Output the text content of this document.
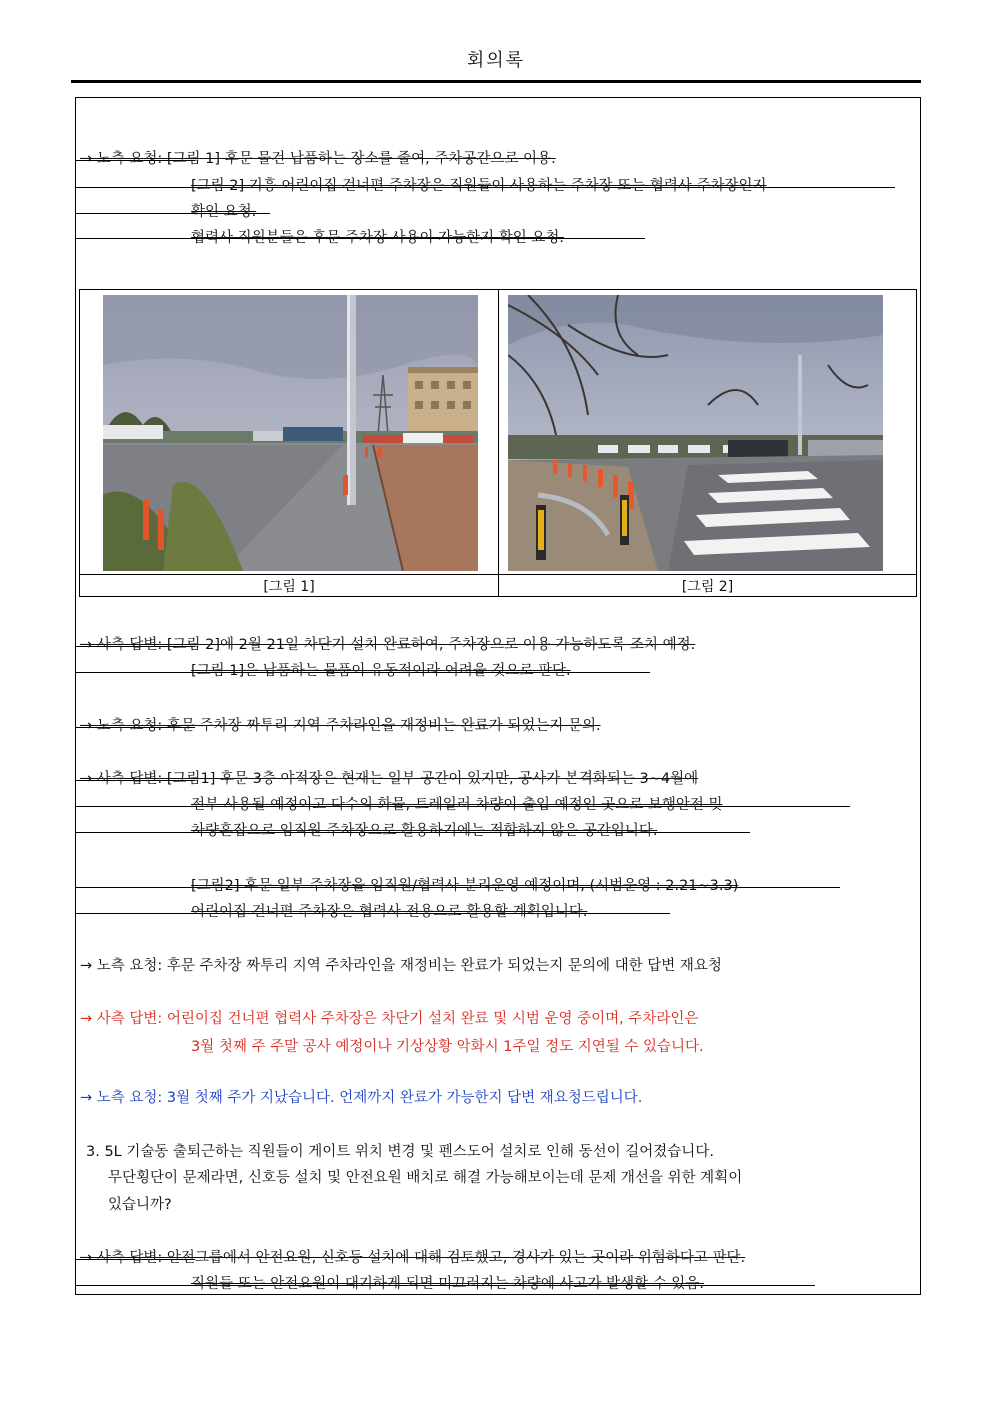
회의록
→ 노측 요청: [그림 1] 후문 물건 납품하는 장소를 줄여, 주차공간으로 이용.
[그림 2] 기흥 어린이집 건너편 주차장은 직원들이 사용하는 주차장 또는 협력사 주차장인지
확인 요청.
협력사 직원분들은 후문 주차장 사용이 가능한지 확인 요청.
[그림 1]	[그림 2]
→ 사측 답변: [그림 2]에 2월 21일 차단기 설치 완료하여, 주차장으로 이용 가능하도록 조치 예정.
[그림 1]은 납품하는 물품이 유동적이라 어려울 것으로 판단.
→ 노측 요청: 후문 주차장 짜투리 지역 주차라인을 재정비는 완료가 되었는지 문의.
→ 사측 답변: [그림1] 후문 3층 야적장은 현재는 일부 공간이 있지만, 공사가 본격화되는 3~4월에
전부 사용될 예정이고 다수의 화물, 트레일러 차량이 출입 예정인 곳으로 보행안전 및
차량혼잡으로 임직원 주차장으로 활용하기에는 적합하지 않은 공간입니다.
[그림2] 후문 일부 주차장을 임직원/협력사 분리운영 예정이며, (시범운영 : 2.21~3.3)
어린이집 건너편 주차장은 협력사 전용으로 활용할 계획입니다.
→ 노측 요청: 후문 주차장 짜투리 지역 주차라인을 재정비는 완료가 되었는지 문의에 대한 답변 재요청
→ 사측 답변: 어린이집 건너편 협력사 주차장은 차단기 설치 완료 및 시범 운영 중이며, 주차라인은
3월 첫째 주 주말 공사 예정이나 기상상황 악화시 1주일 정도 지연될 수 있습니다.
→ 노측 요청: 3월 첫째 주가 지났습니다. 언제까지 완료가 가능한지 답변 재요청드립니다.
3. 5L 기술동 출퇴근하는 직원들이 게이트 위치 변경 및 펜스도어 설치로 인해 동선이 길어졌습니다.
무단횡단이 문제라면, 신호등 설치 및 안전요원 배치로 해결 가능해보이는데 문제 개선을 위한 계획이
있습니까?
→ 사측 답변: 안전그룹에서 안전요원, 신호등 설치에 대해 검토했고, 경사가 있는 곳이라 위험하다고 판단.
직원들 또는 안전요원이 대기하게 되면 미끄러지는 차량에 사고가 발생할 수 있음.
